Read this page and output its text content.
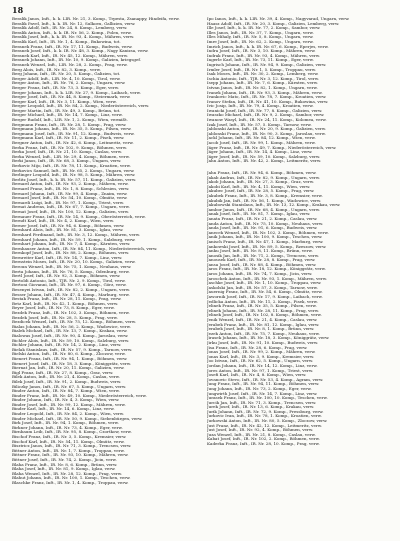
18
Beralik Janos, Inft., k. k. LIR. Nr. 21, 3. Komp., Trpesta, Zsanappy, Hindeifa, verw.
Beralik Pavel, Inft., k. k. IR. Nr. 12, Sulkoeu, Gallizien, verw.
Beralik Adolf, Inft., IR. Nr. 24, 8. Komp., Lemberg, verw.
Beralik Anton, Inft., k. k. IR. Nr. 56, 2. Komp., Polen, verw.
Beralik Josef, Inft., k. k. IR. Nr. 93, 4. Komp., Mähren, verw.
Beralik Karl, Inft., IR. Nr. 1, 4. Komp., Bukowina, tot.
Beranek Franz, Inft., IR. Nr. 17, 11. Komp., Budweis, verw.
Beranek Josef, Inft., k. k. IR. Nr. 48, 3. Komp., Nagy Kanizsa, verw.
Beranek Karl, Inft., IR. Nr. 45, 12. Komp., Mähren, verw.
Beranek Johann, Inft., IR. Nr. 10, 9. Komp., Galizien, kriegsgef.
Beranek Wenzel, Inft., LIR. Nr. 28, 2. Komp., Prag, verw.
Berg Alois, Inft., IR. Nr. 82, 3. Komp., verw.
Berg Johann, Inft., IR. Nr. 20, 5. Komp., Galizien, tot.
Berger Adolf, Inft., LIR. Nr. 4, 10. Komp., Tirol, verw.
Berger Anton, Inft., IR. Nr. 76, 2. Komp., Ungarn, verw.
Berger Franz, Inft., IR. Nr. 73, 3. Komp., Eger, verw.
Berger Johann, Inft., k. k. LIR. Nr. 27, 9. Komp., Laibach, verw.
Berger Josef, Inft., IR. Nr. 44, 8. Komp., Steiermark, verw.
Berger Karl, Inft., IR. Nr. 3, 11. Komp., Wien, verw.
Berger Leopold, Inft., IR. Nr. 84, 2. Komp., Niederösterreich, verw.
Berger Martin, Inft., IR. Nr. 49, 3. Komp., Brünn, tot.
Berger Michael, Inft., IR. Nr. 14, 7. Komp., Linz, verw.
Berger Rudolf, Inft., LIR. Nr. 1, 2. Komp., Wien, vermißt.
Bergmann Franz, Inft., IR. Nr. 28, 1. Komp., Prag, verw.
Bergmann Johann, Inft., IR. Nr. 35, 5. Komp., Pilsen, verw.
Bergmann Josef, Inft., IR. Nr. 91, 12. Komp., Budweis, verw.
Bergmann Karl, Inft., IR. Nr. 11, 2. Komp., Pisek, verw.
Bergner Anton, Inft., IR. Nr. 42, 6. Komp., Leitmeritz, verw.
Berka Franz, Inft., IR. Nr. 102, 9. Komp., Böhmen, verw.
Berka Josef, Inft., IR. Nr. 21, 10. Komp., Caslau, verw.
Berka Wenzel, Inft., LIR. Nr. 29, 4. Komp., Böhmen, verw.
Berki Janos, Inft., IR. Nr. 68, 3. Komp., Ungarn, verw.
Berkovic Mijo, Inft., IR. Nr. 78, 11. Komp., Kroatien, verw.
Berkovics Samuel, Inft., IR. Nr. 65, 2. Komp., Ungarn, verw.
Berlinger Leopold, Inft., IR. Nr. 98, 5. Komp., Mähren, verw.
Berlitz Josef, Inft., k. k. IR. Nr. 57, 11. Komp., Galizien, verw.
Bernard Anton, Inft., IR. Nr. 93, 2. Komp., Mähren, verw.
Bernard Franz, Inft., IR. Nr. 1, 8. Komp., Schlesien, verw.
Bernard Johann, Inft., IR. Nr. 99, 4. Komp., Znaim, verw.
Bernard Josef, Inft., IR. Nr. 54, 10. Komp., Olmütz, verw.
Bernardi Luigi, Inft., IR. Nr. 97, 1. Komp., Triest, verw.
Bernat Andreas, Inft., IR. Nr. 67, 7. Komp., Ungarn, verw.
Bernat Josef, Inft., IR. Nr. 100, 12. Komp., Galizien, verw.
Bernauer Franz, Inft., IR. Nr. 14, 9. Komp., Oberösterreich, verw.
Berndt Karl, Inft., IR. Nr. 4, 2. Komp., Wien, verw.
Berner Josef, Inft., IR. Nr. 94, 6. Komp., Böhmen, verw.
Bernhard Alois, Inft., IR. Nr. 81, 3. Komp., Iglau, verw.
Bernhard Ferdinand, Inft., IR. Nr. 3, 12. Komp., Mähren, verw.
Bernhard Johann, Inft., IR. Nr. 59, 1. Komp., Salzburg, verw.
Bernhart Johann, Inft., IR. Nr. 7, 4. Komp., Kärnten, verw.
Bernhauser Anton, Inft., IR. Nr. 84, 11. Komp., Niederösterreich, verw.
Bernkopf Josef, Inft., IR. Nr. 88, 2. Komp., Böhmen, verw.
Bernreiter Karl, Inft., IR. Nr. 14, 7. Komp., Linz, verw.
Bernstein Moses, Inft., IR. Nr. 20, 10. Komp., Galizien, verw.
Beroun Wenzel, Inft., IR. Nr. 75, 1. Komp., Neuhaus, verw.
Berta Johann, Inft., IR. Nr. 76, 5. Komp., Ödenburg, verw.
Bertl Josef, Inft., IR. Nr. 92, 3. Komp., Böhmen, verw.
Bertoldi Antonio, Inft., TJR. Nr. 2, 9. Komp., Tirol, verw.
Bertoni Giovanni, Inft., IR. Nr. 97, 6. Komp., Görz, verw.
Besenyei Istvan, Inft., IR. Nr. 82, 2. Komp., Ungarn, verw.
Besser Johann, Inft., IR. Nr. 47, 4. Komp., Marburg, verw.
Bestak Franz, Inft., IR. Nr. 28, 11. Komp., Prag, verw.
Betz Karl, Inft., IR. Nr. 42, 1. Komp., Böhmen, verw.
Beyer Josef, Inft., IR. Nr. 73, 8. Komp., Eger, verw.
Bezdek Franz, Inft., IR. Nr. 102, 3. Komp., Böhmen, verw.
Bezdek Josef, Inft., IR. Nr. 28, 5. Komp., Prag, verw.
Bezdicek Wenzel, Inft., IR. Nr. 75, 12. Komp., Böhmen, verw.
Bialas Johann, Inft., IR. Nr. 56, 2. Komp., Wadowice, verw.
Bialek Michael, Inft., IR. Nr. 13, 7. Komp., Krakau, verw.
Bialowas Josef, Inft., IR. Nr. 90, 4. Komp., Jaroslau, verw.
Bichler Alois, Inft., IR. Nr. 59, 10. Komp., Salzburg, verw.
Bichler Johann, Inft., IR. Nr. 14, 2. Komp., Linz, verw.
Bielak Stanislaus, Inft., IR. Nr. 57, 9. Komp., Tarnow, verw.
Bielski Anton, Inft., IR. Nr. 80, 6. Komp., Zloczow, verw.
Bienert Franz, Inft., IR. Nr. 94, 1. Komp., Böhmen, verw.
Bienert Josef, Inft., IR. Nr. 18, 3. Komp., Königgrätz, verw.
Biernat Jan, Inft., IR. Nr. 20, 11. Komp., Galizien, verw.
Bigl Franz, Inft., IR. Nr. 27, 8. Komp., Graz, verw.
Bilek Anton, Inft., IR. Nr. 21, 4. Komp., Caslau, verw.
Bilek Josef, Inft., IR. Nr. 91, 2. Komp., Budweis, verw.
Biliczky Janos, Inft., IR. Nr. 67, 5. Komp., Ungarn, verw.
Binder Anton, Inft., IR. Nr. 84, 7. Komp., Wien, verw.
Binder Franz, Inft., IR. Nr. 49, 10. Komp., Niederösterreich, verw.
Binder Johann, Inft., IR. Nr. 4, 3. Komp., Wien, verw.
Binder Josef, Inft., IR. Nr. 99, 12. Komp., Mähren, verw.
Binder Karl, Inft., IR. Nr. 14, 6. Komp., Linz, verw.
Binder Leopold, Inft., IR. Nr. 84, 2. Komp., Wien, verw.
Binder Michael, Inft., IR. Nr. 50, 9. Komp., Siebenbürgen, verw.
Birk Josef, Inft., IR. Nr. 94, 1. Komp., Böhmen, verw.
Birkner Johann, Inft., IR. Nr. 73, 4. Komp., Eger, verw.
Birnbaum Leib, Inft., IR. Nr. 95, 8. Komp., Czortkow, verw.
Bischof Franz, Inft., IR. Nr. 3, 5. Komp., Kremsier, verw.
Bischof Karl, Inft., IR. Nr. 54, 11. Komp., Olmütz, verw.
Bisztricz Janos, Inft., IR. Nr. 71, 3. Komp., Trencsen, verw.
Bittner Anton, Inft., IR. Nr. 1, 7. Komp., Troppau, verw.
Bittner Franz, Inft., IR. Nr. 93, 10. Komp., Mähren, verw.
Bittner Josef, Inft., IR. Nr. 74, 2. Komp., Jicin, verw.
Blaha Franz, Inft., IR. Nr. 8, 6. Komp., Brünn, verw.
Blaha Josef, Inft., IR. Nr. 81, 9. Komp., Iglau, verw.
Blaha Wenzel, Inft., IR. Nr. 28, 12. Komp., Prag, verw.
Blahut Johann, Inft., IR. Nr. 100, 1. Komp., Teschen, verw.
Blaschke Franz, Inft., IR. Nr. 1, 4. Komp., Troppau, verw.
Ipo Ianos, Inft., k. k. LIR. Nr. 39, 4. Komp., Nagyvarad, Ungarn, verw.
Haasz Adolf, Inft., IR. Nr. 20, 3. Komp., Galizien, Lemberg, verw.
Ille Josef, Inft., k. k. IR. Nr. 77, 2. Komp., Sambor, verw.
Illes Janos, Inft., IR. Nr. 37, 7. Komp., Ungarn, verw.
Illes Mihaly, Inft., IR. Nr. 5, 8. Komp., Ungarn, verw.
Imre Josef, Inft., IR. Nr. 62, 2. Komp., Ungarn, verw.
Imrich Janos, Inft., k. k. IR. Nr. 67, 6. Komp., Eperjes, verw.
Indra Josef, Inft., IR. Nr. 3, 10. Komp., Mähren, verw.
Indrak Franz, Inft., IR. Nr. 93, 4. Komp., Mähren, verw.
Ingerle Karl, Inft., IR. Nr. 73, 11. Komp., Eger, verw.
Ingrisch Johann, Inft., IR. Nr. 94, 9. Komp., Galizien, verw.
Irmler Josef, Inft., IR. Nr. 1, 5. Komp., Troppau, verw.
Isak Moses, Inft., IR. Nr. 30, 2. Komp., Lemberg, verw.
Ischia Antonio, Inft., TJR. Nr. 3, 12. Komp., Tirol, verw.
Isepp Johann, Inft., IR. Nr. 7, 6. Komp., Kärnten, verw.
Istvan Janos, Inft., IR. Nr. 82, 1. Komp., Ungarn, verw.
Ivanek Johann, Inft., IR. Nr. 93, 3. Komp., Mähren, verw.
Ivankovic Mato, Inft., IR. Nr. 78, 7. Komp., Kroatien, verw.
Ivanov Stefan, Inft., IR. Nr. 41, 10. Komp., Bukowina, verw.
Ivic Josip, Inft., IR. Nr. 79, 4. Komp., Kroatien, verw.
Iwanicki Josef, Inft., IR. Nr. 77, 8. Komp., Galizien, verw.
Iwaszko Michael, Inft., IR. Nr. 9, 2. Komp., Sambor, verw.
Iwanow Wasyl, Inft., IR. Nr. 24, 11. Komp., Kolomea, verw.
Izak Josef, Inft., IR. Nr. 57, 5. Komp., Tarnow, verw.
Jablonski Anton, Inft., IR. Nr. 20, 9. Komp., Galizien, verw.
Jablonski Franz, Inft., IR. Nr. 90, 3. Komp., Jaroslau, verw.
Jackl Johann, Inft., IR. Nr. 84, 12. Komp., Wien, verw.
Jacob Josef, Inft., IR. Nr. 99, 1. Komp., Mähren, verw.
Jäger Franz, Inft., IR. Nr. 49, 7. Komp., Niederösterreich, verw.
Jäger Johann, Inft., IR. Nr. 14, 4. Komp., Linz, verw.
Jäger Josef, Inft., IR. Nr. 59, 10. Komp., Salzburg, verw.
Jahn Anton, Inft., IR. Nr. 42, 2. Komp., Leitmeritz, verw.
Jahn Franz, Inft., IR. Nr. 94, 6. Komp., Böhmen, verw.
Jakab Andras, Inft., IR. Nr. 82, 9. Komp., Ungarn, verw.
Jakob Johann, Inft., IR. Nr. 27, 3. Komp., Graz, verw.
Jakobi Karl, Inft., IR. Nr. 4, 11. Komp., Wien, verw.
Jakubec Josef, Inft., IR. Nr. 28, 5. Komp., Prag, verw.
Jakubek Franz, Inft., IR. Nr. 3, 8. Komp., Kremsier, verw.
Jakubik Jan, Inft., IR. Nr. 56, 1. Komp., Wadowice, verw.
Jakubowski Stanislaus, Inft., IR. Nr. 13, 12. Komp., Krakau, verw.
Jambor Janos, Inft., IR. Nr. 68, 4. Komp., Ungarn, verw.
Janak Josef, Inft., IR. Nr. 81, 7. Komp., Iglau, verw.
Janata Franz, Inft., IR. Nr. 21, 2. Komp., Caslau, verw.
Janda Anton, Inft., IR. Nr. 75, 10. Komp., Neuhaus, verw.
Janda Josef, Inft., IR. Nr. 91, 6. Komp., Budweis, verw.
Janecek Wenzel, Inft., IR. Nr. 102, 3. Komp., Böhmen, verw.
Janik Johann, Inft., IR. Nr. 100, 9. Komp., Teschen, verw.
Janisch Franz, Inft., IR. Nr. 47, 1. Komp., Marburg, verw.
Jankowski Josef, Inft., IR. Nr. 89, 5. Komp., Rzeszow, verw.
Janku Josef, Inft., IR. Nr. 8, 11. Komp., Brünn, verw.
Janosik Jan, Inft., IR. Nr. 71, 2. Komp., Trencsen, verw.
Janousek Karl, Inft., IR. Nr. 28, 8. Komp., Prag, verw.
Jansa Josef, Inft., IR. Nr. 88, 4. Komp., Böhmen, verw.
Jaros Franz, Inft., IR. Nr. 18, 12. Komp., Königgrätz, verw.
Jaros Johann, Inft., IR. Nr. 74, 7. Komp., Jicin, verw.
Jaroschek Anton, Inft., IR. Nr. 93, 1. Komp., Mähren, verw.
Jaschke Josef, Inft., IR. Nr. 1, 10. Komp., Troppau, verw.
Jaskolski Jan, Inft., IR. Nr. 57, 3. Komp., Tarnow, verw.
Jauernig Franz, Inft., IR. Nr. 54, 6. Komp., Olmütz, verw.
Jawornik Josef, Inft., IR. Nr. 17, 9. Komp., Laibach, verw.
Jedlicka Anton, Inft., IR. Nr. 11, 2. Komp., Pisek, verw.
Jelinek Franz, Inft., IR. Nr. 35, 5. Komp., Pilsen, verw.
Jelinek Johann, Inft., IR. Nr. 28, 11. Komp., Prag, verw.
Jelinek Josef, Inft., IR. Nr. 102, 8. Komp., Böhmen, verw.
Jenik Wenzel, Inft., IR. Nr. 21, 4. Komp., Caslau, verw.
Jerabek Franz, Inft., IR. Nr. 81, 12. Komp., Iglau, verw.
Jerabek Josef, Inft., IR. Nr. 8, 1. Komp., Brünn, verw.
Jezek Anton, Inft., IR. Nr. 75, 7. Komp., Neuhaus, verw.
Jirasek Johann, Inft., IR. Nr. 18, 3. Komp., Königgrätz, verw.
Jirku Josef, Inft., IR. Nr. 91, 10. Komp., Budweis, verw.
Jisa Franz, Inft., IR. Nr. 28, 6. Komp., Prag, verw.
Jonas Josef, Inft., IR. Nr. 99, 2. Komp., Mähren, verw.
Jonas Karl, Inft., IR. Nr. 3, 9. Komp., Kremsier, verw.
Joo Istvan, Inft., IR. Nr. 62, 5. Komp., Ungarn, verw.
Jordan Johann, Inft., IR. Nr. 14, 12. Komp., Linz, verw.
Jores Anton, Inft., IR. Nr. 97, 1. Komp., Triest, verw.
Josefi Karl, Inft., IR. Nr. 4, 8. Komp., Wien, verw.
Jovanovic Stevo, Inft., IR. Nr. 53, 4. Komp., Agram, verw.
Jung Franz, Inft., IR. Nr. 94, 11. Komp., Böhmen, verw.
Jung Johann, Inft., IR. Nr. 73, 2. Komp., Eger, verw.
Jungwirth Josef, Inft., IR. Nr. 14, 7. Komp., Linz, verw.
Jurasek Franz, Inft., IR. Nr. 100, 10. Komp., Teschen, verw.
Jurcik Jan, Inft., IR. Nr. 71, 3. Komp., Trencsen, verw.
Jurek Josef, Inft., IR. Nr. 13, 6. Komp., Krakau, verw.
Jurik Johann, Inft., IR. Nr. 72, 9. Komp., Pressburg, verw.
Jurkovic Ivan, Inft., IR. Nr. 78, 1. Komp., Kroatien, verw.
Jurkowski Anton, Inft., IR. Nr. 80, 5. Komp., Zloczow, verw.
Just Franz, Inft., IR. Nr. 42, 12. Komp., Leitmeritz, verw.
Just Josef, Inft., IR. Nr. 92, 4. Komp., Böhmen, verw.
Juza Wenzel, Inft., IR. Nr. 21, 8. Komp., Caslau, verw.
Kabat Josef, Inft., IR. Nr. 102, 2. Komp., Böhmen, verw.
Kaderka Franz, Inft., IR. Nr. 28, 10. Komp., Prag, verw.
